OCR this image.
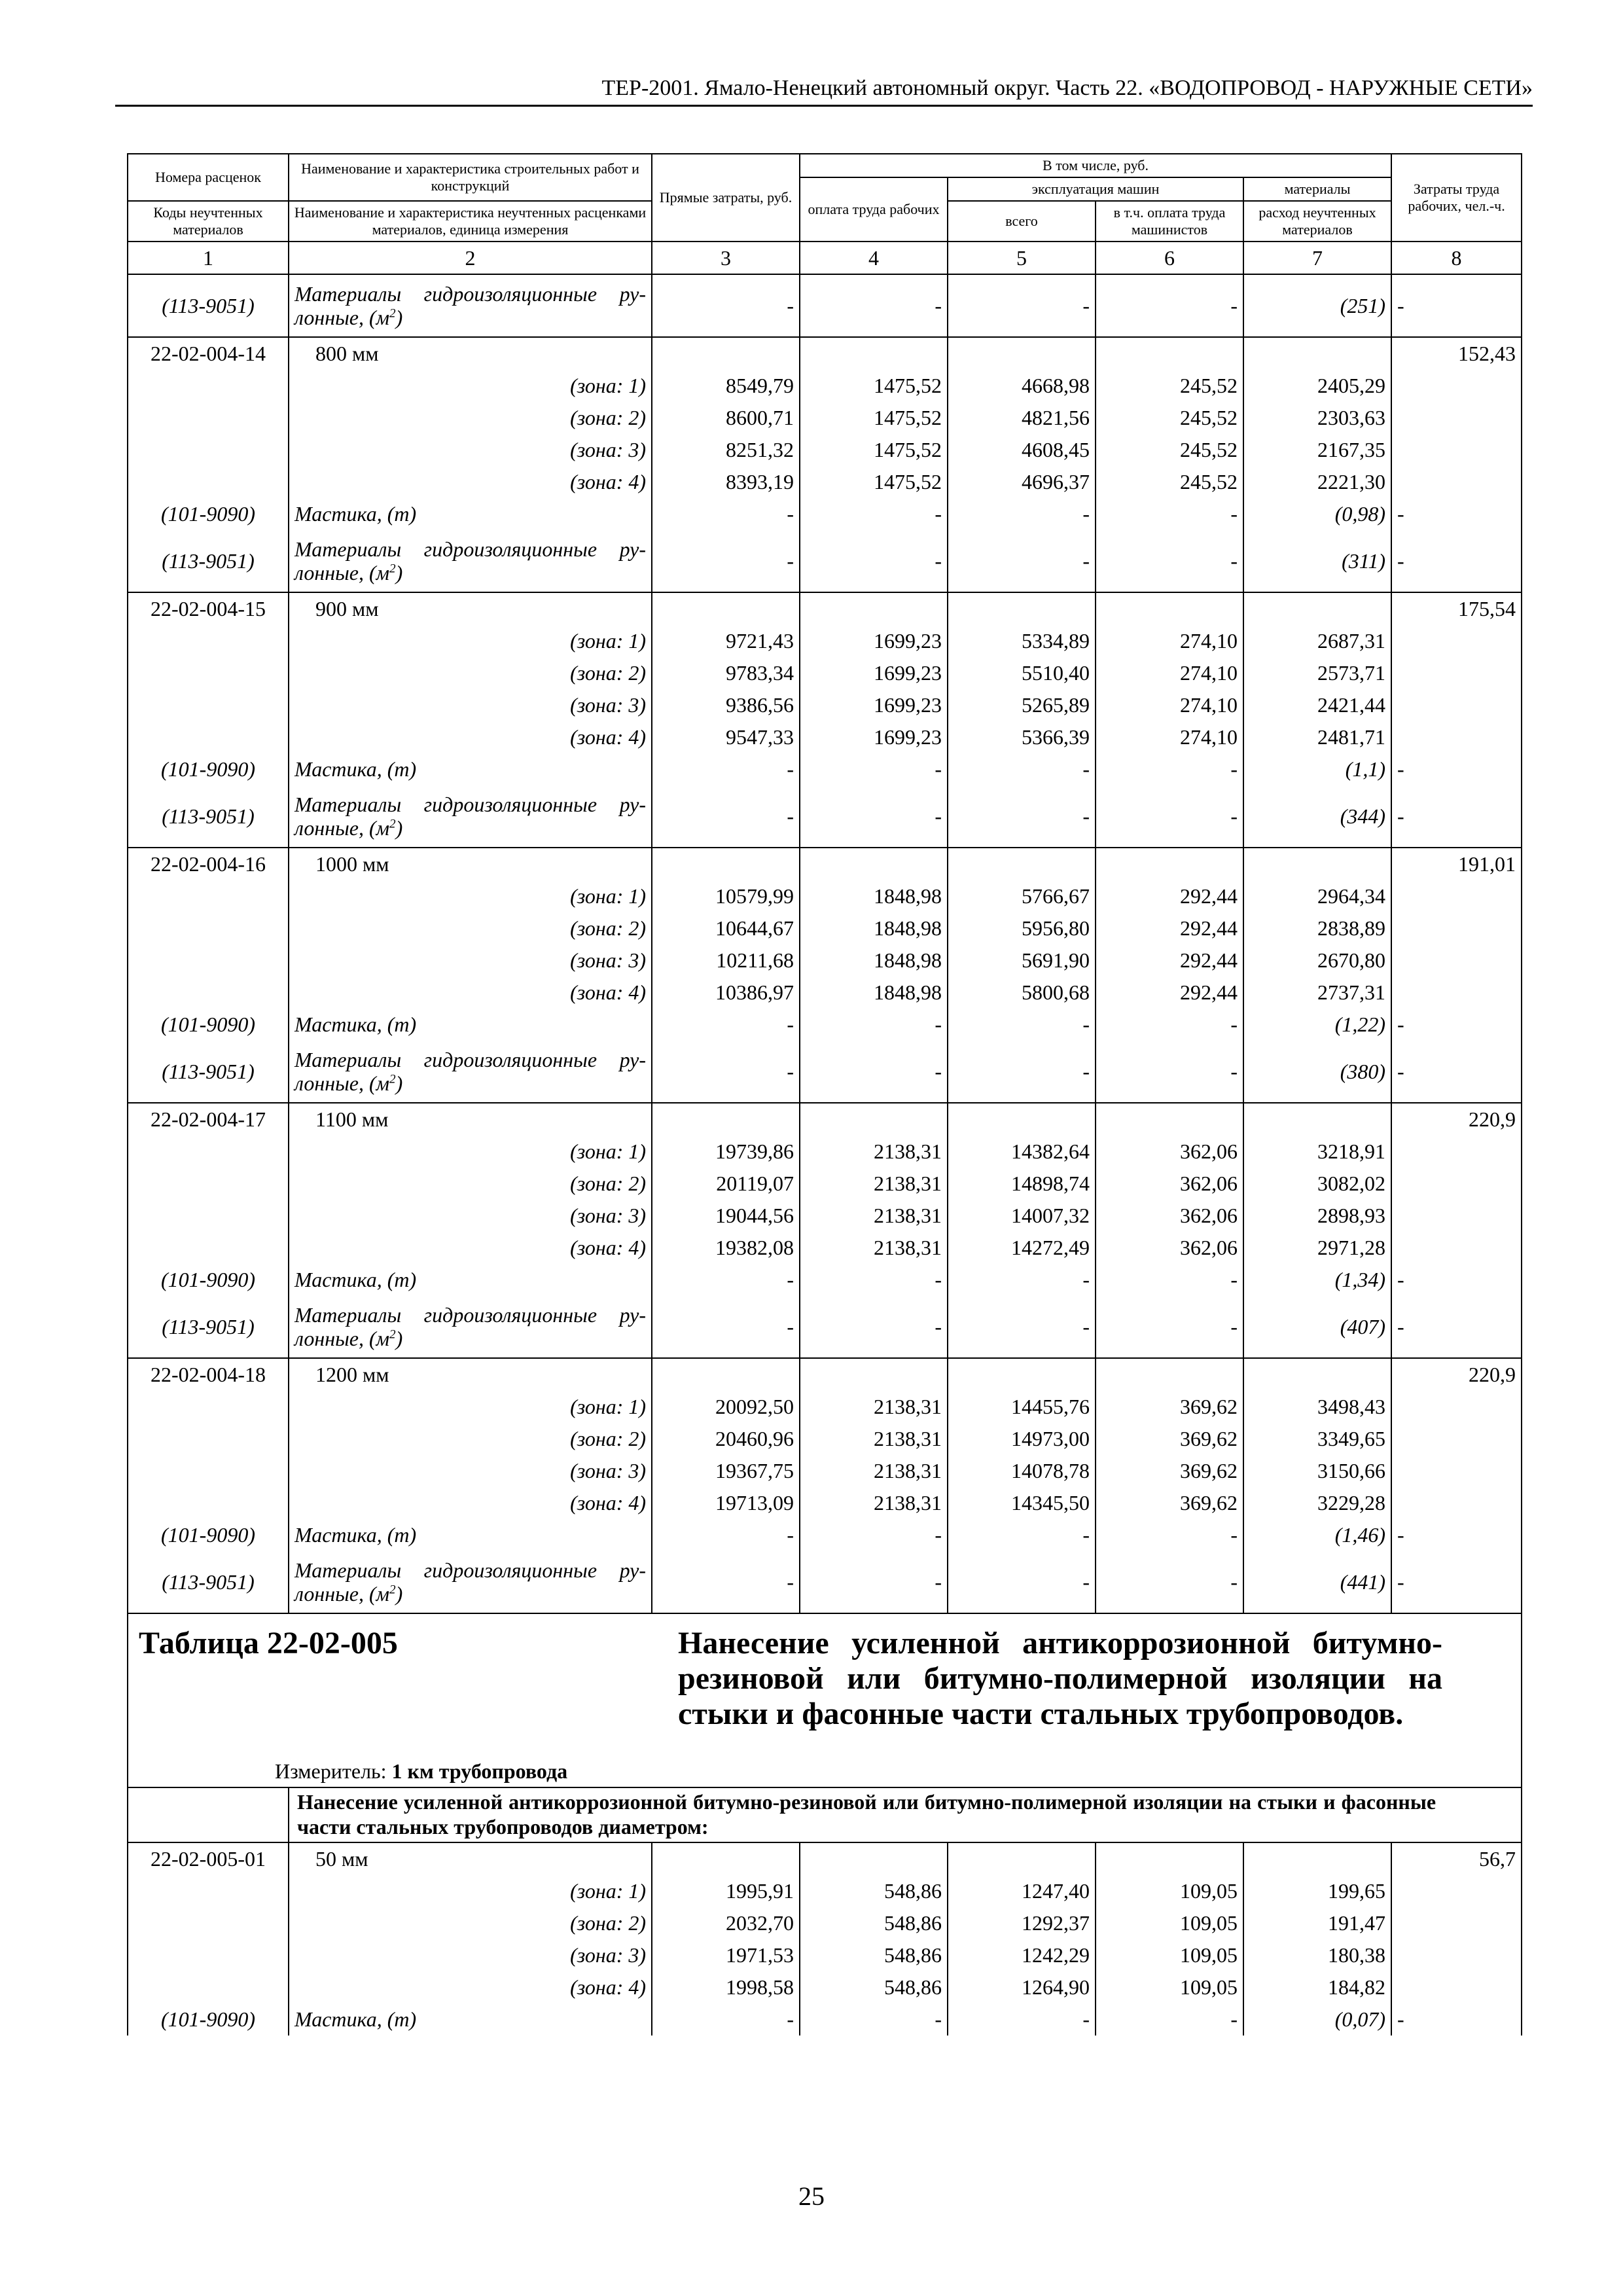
ТЕР-2001. Ямало-Ненецкий автономный округ. Часть 22. «ВОДОПРОВОД - НАРУЖНЫЕ СЕТИ»
Номера расценок	Наименование и характеристика строительных работ и конструкций	Прямые затраты, руб.	В том числе, руб.				Затраты труда рабочих, чел.-ч.
			оплата труда рабочих	эксплуатация машин		материалы	
Коды неучтенных материалов	Наименование и характеристика неучтенных расценками материалов, единица измерения			всего	в т.ч. оплата труда машинистов	расход неучтенных материалов	
1	2	3	4	5	6	7	8
(113-9051)	Материалы гидроизоляционные ру-лонные, $(м^2)$	-	-	-	-	(251)	-
22-02-004-14	800 мм						152,43
	(зона: 1)	8549,79	1475,52	4668,98	245,52	2405,29	
	(зона: 2)	8600,71	1475,52	4821,56	245,52	2303,63	
	(зона: 3)	8251,32	1475,52	4608,45	245,52	2167,35	
	(зона: 4)	8393,19	1475,52	4696,37	245,52	2221,30	
(101-9090)	Мастика, (т)	-	-	-	-	(0,98)	-
(113-9051)	Материалы гидроизоляционные ру-лонные, $(м^2)$	-	-	-	-	(311)	-
22-02-004-15	900 мм						175,54
	(зона: 1)	9721,43	1699,23	5334,89	274,10	2687,31	
	(зона: 2)	9783,34	1699,23	5510,40	274,10	2573,71	
	(зона: 3)	9386,56	1699,23	5265,89	274,10	2421,44	
	(зона: 4)	9547,33	1699,23	5366,39	274,10	2481,71	
(101-9090)	Мастика, (т)	-	-	-	-	(1,1)	-
(113-9051)	Материалы гидроизоляционные ру-лонные, $(м^2)$	-	-	-	-	(344)	-
22-02-004-16	1000 мм						191,01
	(зона: 1)	10579,99	1848,98	5766,67	292,44	2964,34	
	(зона: 2)	10644,67	1848,98	5956,80	292,44	2838,89	
	(зона: 3)	10211,68	1848,98	5691,90	292,44	2670,80	
	(зона: 4)	10386,97	1848,98	5800,68	292,44	2737,31	
(101-9090)	Мастика, (т)	-	-	-	-	(1,22)	-
(113-9051)	Материалы гидроизоляционные ру-лонные, $(м^2)$	-	-	-	-	(380)	-
22-02-004-17	1100 мм						220,9
	(зона: 1)	19739,86	2138,31	14382,64	362,06	3218,91	
	(зона: 2)	20119,07	2138,31	14898,74	362,06	3082,02	
	(зона: 3)	19044,56	2138,31	14007,32	362,06	2898,93	
	(зона: 4)	19382,08	2138,31	14272,49	362,06	2971,28	
(101-9090)	Мастика, (т)	-	-	-	-	(1,34)	-
(113-9051)	Материалы гидроизоляционные ру-лонные, $(м^2)$	-	-	-	-	(407)	-
22-02-004-18	1200 мм						220,9
	(зона: 1)	20092,50	2138,31	14455,76	369,62	3498,43	
	(зона: 2)	20460,96	2138,31	14973,00	369,62	3349,65	
	(зона: 3)	19367,75	2138,31	14078,78	369,62	3150,66	
	(зона: 4)	19713,09	2138,31	14345,50	369,62	3229,28	
(101-9090)	Мастика, (т)	-	-	-	-	(1,46)	-
(113-9051)	Материалы гидроизоляционные ру-лонные, $(м^2)$	-	-	-	-	(441)	-

Таблица 22-02-005
Измеритель: 1 км трубопровода		Нанесение усиленной антикоррозионной битумно-резиновой или битумно-полимерной изоляции на стыки и фасонные части стальных трубопроводов.					

	Нанесение усиленной антикоррозионной битумно-резиновой или битумно-полимерной изоляции на стыки и фасонные части стальных трубопроводов диаметром:						

22-02-005-01	50 мм						56,7
	(зона: 1)	1995,91	548,86	1247,40	109,05	199,65	
	(зона: 2)	2032,70	548,86	1292,37	109,05	191,47	
	(зона: 3)	1971,53	548,86	1242,29	109,05	180,38	
	(зона: 4)	1998,58	548,86	1264,90	109,05	184,82	
(101-9090)	Мастика, (т)	-	-	-	-	(0,07)	-
25
